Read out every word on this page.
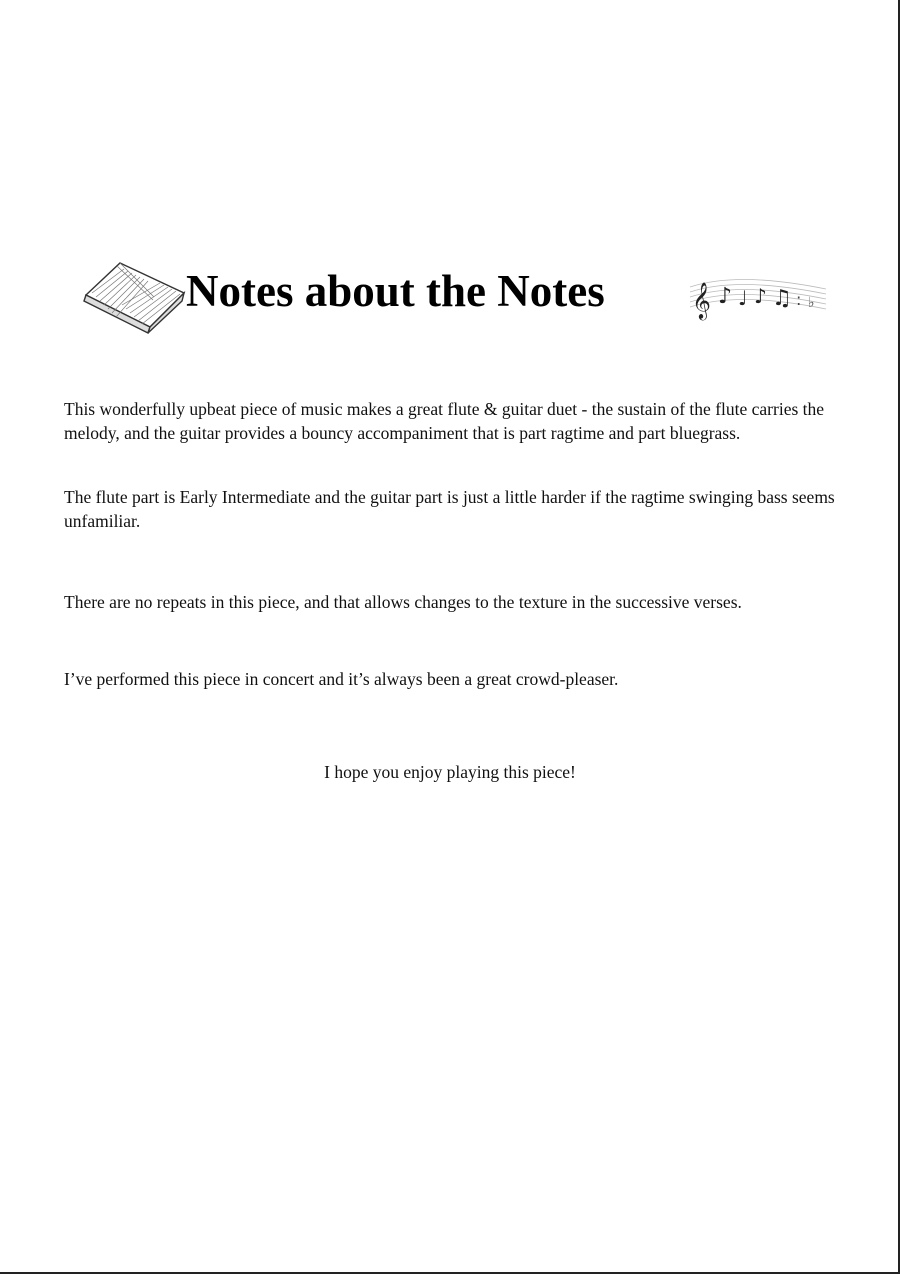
Notes about the Notes	𝄞 ♪ ♩ ♪ ♫ : ♭

This wonderfully upbeat piece of music makes a great flute & guitar duet - the sustain of the flute carries the melody, and the guitar provides a bouncy accompaniment that is part ragtime and part bluegrass.

The flute part is Early Intermediate and the guitar part is just a little harder if the ragtime swinging bass seems unfamiliar.

There are no repeats in this piece, and that allows changes to the texture in the successive verses.

I’ve performed this piece in concert and it’s always been a great crowd-pleaser.

I hope you enjoy playing this piece!
